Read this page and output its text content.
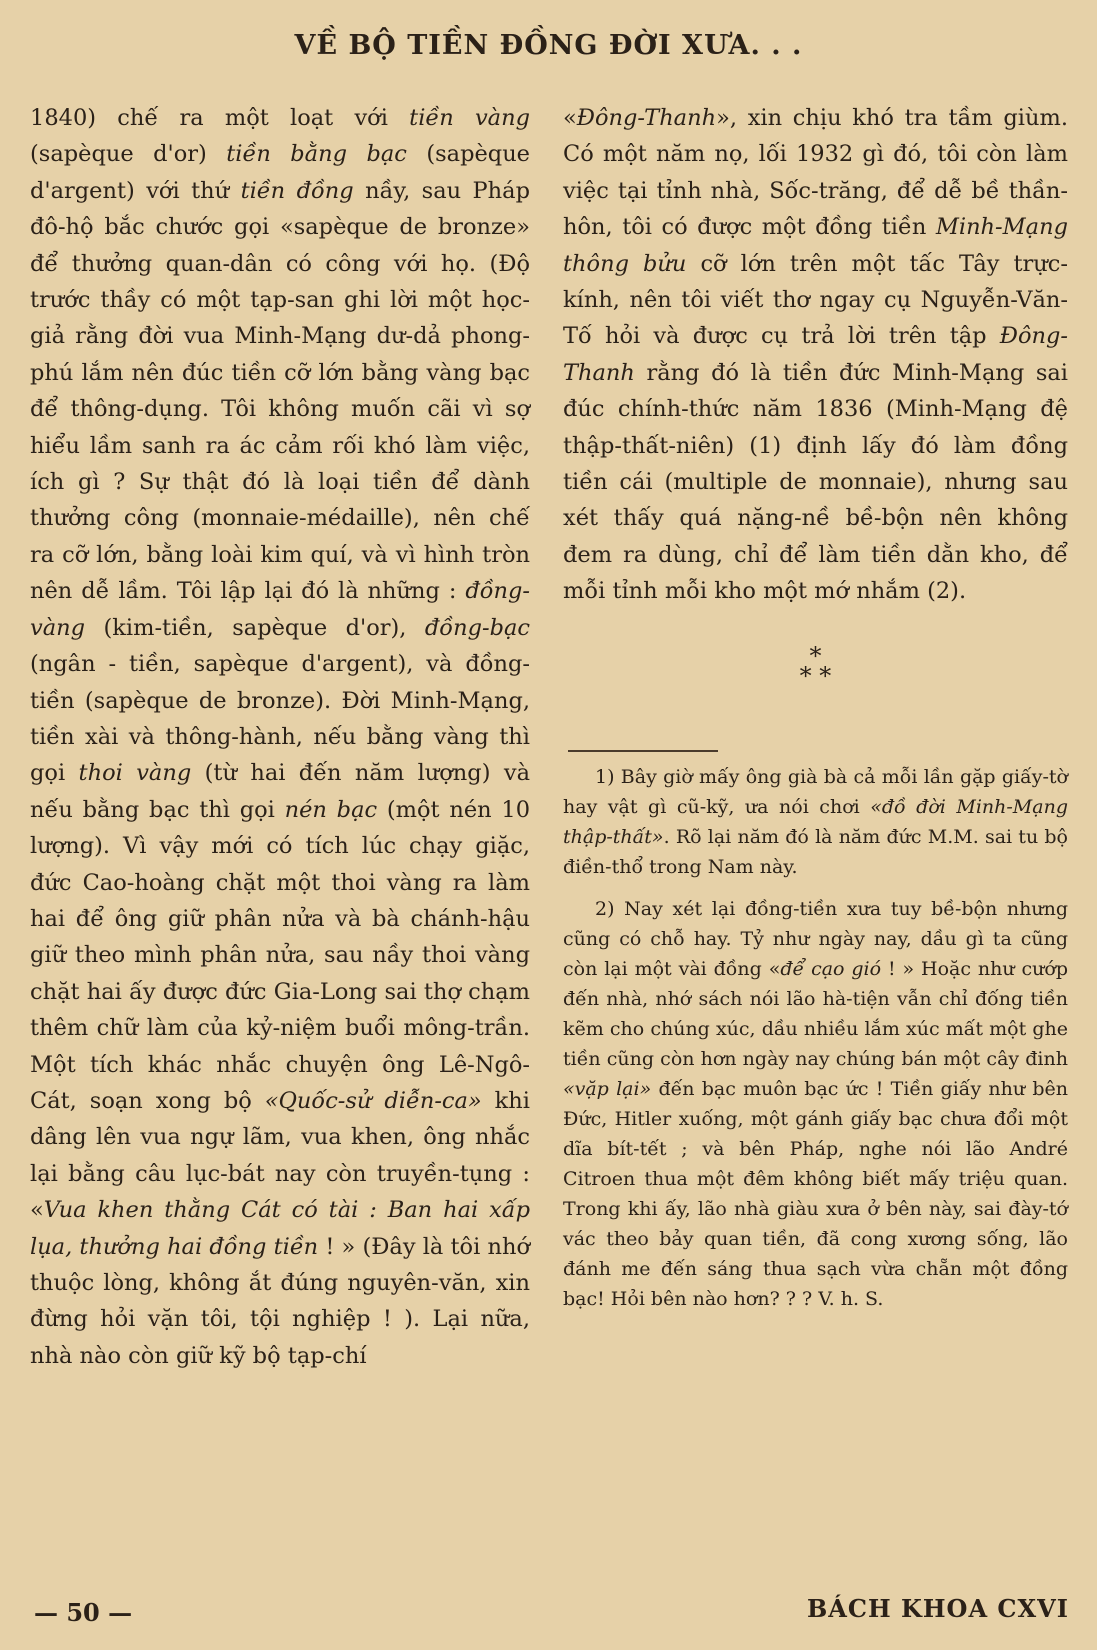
VỀ BỘ TIỀN ĐỒNG ĐỜI XƯA. . .

1840) chế ra một loạt với tiền vàng (sapèque d'or) tiền bằng bạc (sapèque d'argent) với thứ tiền đồng nầy, sau Pháp đô-hộ bắc chước gọi «sapèque de bronze» để thưởng quan-dân có công với họ. (Độ trước thầy có một tạp-san ghi lời một học-giả rằng đời vua Minh-Mạng dư-dả phong-phú lắm nên đúc tiền cỡ lớn bằng vàng bạc để thông-dụng. Tôi không muốn cãi vì sợ hiểu lầm sanh ra ác cảm rối khó làm việc, ích gì ? Sự thật đó là loại tiền để dành thưởng công (monnaie-médaille), nên chế ra cỡ lớn, bằng loài kim quí, và vì hình tròn nên dễ lầm. Tôi lập lại đó là những : đồng-vàng (kim-tiền, sapèque d'or), đồng-bạc (ngân - tiền, sapèque d'argent), và đồng-tiền (sapèque de bronze). Đời Minh-Mạng, tiền xài và thông-hành, nếu bằng vàng thì gọi thoi vàng (từ hai đến năm lượng) và nếu bằng bạc thì gọi nén bạc (một nén 10 lượng). Vì vậy mới có tích lúc chạy giặc, đức Cao-hoàng chặt một thoi vàng ra làm hai để ông giữ phân nửa và bà chánh-hậu giữ theo mình phân nửa, sau nầy thoi vàng chặt hai ấy được đức Gia-Long sai thợ chạm thêm chữ làm của kỷ-niệm buổi mông-trần. Một tích khác nhắc chuyện ông Lê-Ngô-Cát, soạn xong bộ «Quốc-sử diễn-ca» khi dâng lên vua ngự lãm, vua khen, ông nhắc lại bằng câu lục-bát nay còn truyền-tụng : «Vua khen thằng Cát có tài : Ban hai xấp lụa, thưởng hai đồng tiền ! » (Đây là tôi nhớ thuộc lòng, không ắt đúng nguyên-văn, xin đừng hỏi vặn tôi, tội nghiệp ! ). Lại nữa, nhà nào còn giữ kỹ bộ tạp-chí

«Đông-Thanh», xin chịu khó tra tầm giùm. Có một năm nọ, lối 1932 gì đó, tôi còn làm việc tại tỉnh nhà, Sốc-trăng, để dễ bề thần-hôn, tôi có được một đồng tiền Minh-Mạng thông bửu cỡ lớn trên một tấc Tây trực-kính, nên tôi viết thơ ngay cụ Nguyễn-Văn-Tố hỏi và được cụ trả lời trên tập Đông-Thanh rằng đó là tiền đức Minh-Mạng sai đúc chính-thức năm 1836 (Minh-Mạng đệ thập-thất-niên) (1) định lấy đó làm đồng tiền cái (multiple de monnaie), nhưng sau xét thấy quá nặng-nề bề-bộn nên không đem ra dùng, chỉ để làm tiền dằn kho, để mỗi tỉnh mỗi kho một mớ nhắm (2).

*
* *

1) Bây giờ mấy ông già bà cả mỗi lần gặp giấy-tờ hay vật gì cũ-kỹ, ưa nói chơi «đồ đời Minh-Mạng thập-thất». Rõ lại năm đó là năm đức M.M. sai tu bộ điền-thổ trong Nam này.

2) Nay xét lại đồng-tiền xưa tuy bề-bộn nhưng cũng có chỗ hay. Tỷ như ngày nay, dầu gì ta cũng còn lại một vài đồng «để cạo gió ! » Hoặc như cướp đến nhà, nhớ sách nói lão hà-tiện vẫn chỉ đống tiền kẽm cho chúng xúc, dầu nhiều lắm xúc mất một ghe tiền cũng còn hơn ngày nay chúng bán một cây đinh «vặp lại» đến bạc muôn bạc ức ! Tiền giấy như bên Đức, Hitler xuống, một gánh giấy bạc chưa đổi một dĩa bít-tết ; và bên Pháp, nghe nói lão André Citroen thua một đêm không biết mấy triệu quan. Trong khi ấy, lão nhà giàu xưa ở bên này, sai đày-tớ vác theo bảy quan tiền, đã cong xương sống, lão đánh me đến sáng thua sạch vừa chẵn một đồng bạc! Hỏi bên nào hơn? ? ? V. h. S.

— 50 —	BÁCH KHOA CXVI
